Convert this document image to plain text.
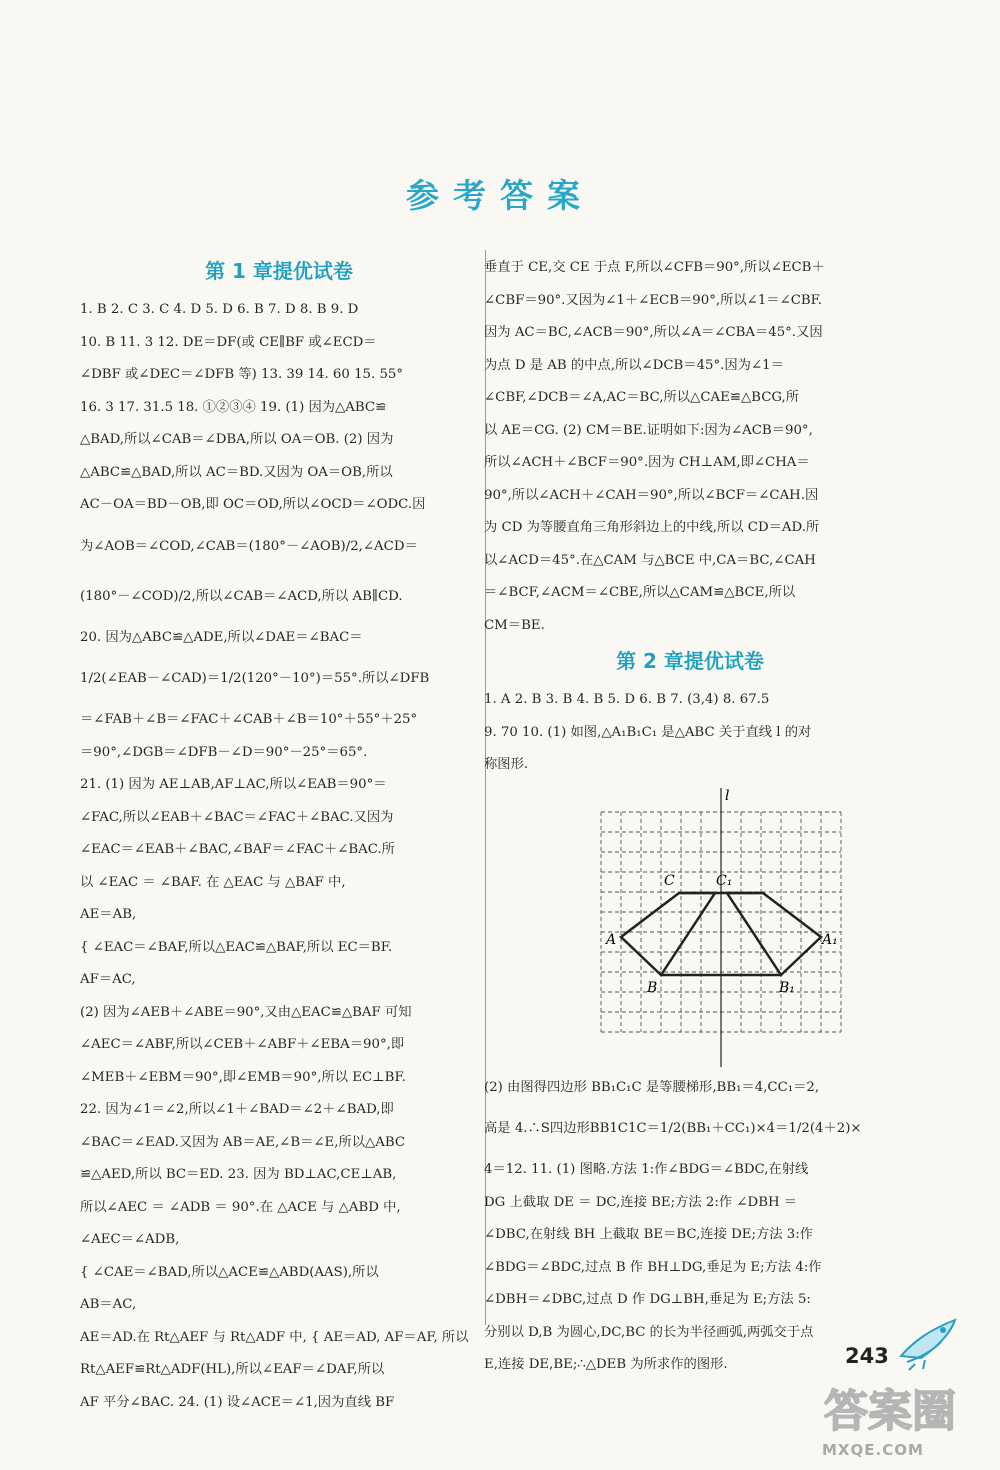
参考答案
第 1 章提优试卷
1. B 2. C 3. C 4. D 5. D 6. B 7. D 8. B 9. D
10. B 11. 3 12. DE＝DF(或 CE∥BF 或∠ECD＝
∠DBF 或∠DEC＝∠DFB 等) 13. 39 14. 60 15. 55°
16. 3 17. 31.5 18. ①②③④ 19. (1) 因为△ABC≌
△BAD,所以∠CAB＝∠DBA,所以 OA＝OB. (2) 因为
△ABC≌△BAD,所以 AC＝BD.又因为 OA＝OB,所以
AC－OA＝BD－OB,即 OC＝OD,所以∠OCD＝∠ODC.因
为∠AOB＝∠COD,∠CAB＝(180°－∠AOB)/2,∠ACD＝
(180°－∠COD)/2,所以∠CAB＝∠ACD,所以 AB∥CD.
20. 因为△ABC≌△ADE,所以∠DAE＝∠BAC＝
1/2(∠EAB－∠CAD)＝1/2(120°－10°)＝55°.所以∠DFB
＝∠FAB＋∠B＝∠FAC＋∠CAB＋∠B＝10°＋55°＋25°
＝90°,∠DGB＝∠DFB－∠D＝90°－25°＝65°.
21. (1) 因为 AE⊥AB,AF⊥AC,所以∠EAB＝90°＝
∠FAC,所以∠EAB＋∠BAC＝∠FAC＋∠BAC.又因为
∠EAC＝∠EAB＋∠BAC,∠BAF＝∠FAC＋∠BAC.所
以 ∠EAC ＝ ∠BAF. 在 △EAC 与 △BAF 中,
AE＝AB,
{ ∠EAC＝∠BAF,所以△EAC≌△BAF,所以 EC＝BF.
AF＝AC,
(2) 因为∠AEB＋∠ABE＝90°,又由△EAC≌△BAF 可知
∠AEC＝∠ABF,所以∠CEB＋∠ABF＋∠EBA＝90°,即
∠MEB＋∠EBM＝90°,即∠EMB＝90°,所以 EC⊥BF.
22. 因为∠1＝∠2,所以∠1＋∠BAD＝∠2＋∠BAD,即
∠BAC＝∠EAD.又因为 AB＝AE,∠B＝∠E,所以△ABC
≌△AED,所以 BC＝ED. 23. 因为 BD⊥AC,CE⊥AB,
所以∠AEC ＝ ∠ADB ＝ 90°.在 △ACE 与 △ABD 中,
∠AEC＝∠ADB,
{ ∠CAE＝∠BAD,所以△ACE≌△ABD(AAS),所以
AB＝AC,
AE＝AD.在 Rt△AEF 与 Rt△ADF 中, { AE＝AD, AF＝AF, 所以
Rt△AEF≌Rt△ADF(HL),所以∠EAF＝∠DAF,所以
AF 平分∠BAC. 24. (1) 设∠ACE＝∠1,因为直线 BF
垂直于 CE,交 CE 于点 F,所以∠CFB＝90°,所以∠ECB＋
∠CBF＝90°.又因为∠1＋∠ECB＝90°,所以∠1＝∠CBF.
因为 AC＝BC,∠ACB＝90°,所以∠A＝∠CBA＝45°.又因
为点 D 是 AB 的中点,所以∠DCB＝45°.因为∠1＝
∠CBF,∠DCB＝∠A,AC＝BC,所以△CAE≌△BCG,所
以 AE＝CG. (2) CM＝BE.证明如下:因为∠ACB＝90°,
所以∠ACH＋∠BCF＝90°.因为 CH⊥AM,即∠CHA＝
90°,所以∠ACH＋∠CAH＝90°,所以∠BCF＝∠CAH.因
为 CD 为等腰直角三角形斜边上的中线,所以 CD＝AD.所
以∠ACD＝45°.在△CAM 与△BCE 中,CA＝BC,∠CAH
＝∠BCF,∠ACM＝∠CBE,所以△CAM≌△BCE,所以
CM＝BE.
第 2 章提优试卷
1. A 2. B 3. B 4. B 5. D 6. B 7. (3,4) 8. 67.5
9. 70 10. (1) 如图,△A₁B₁C₁ 是△ABC 关于直线 l 的对
称图形.
l
C	C₁
A	A₁
B	B₁
(2) 由图得四边形 BB₁C₁C 是等腰梯形,BB₁＝4,CC₁＝2,
高是 4.∴S四边形BB1C1C＝1/2(BB₁＋CC₁)×4＝1/2(4＋2)×
4＝12. 11. (1) 图略.方法 1:作∠BDG＝∠BDC,在射线
DG 上截取 DE ＝ DC,连接 BE;方法 2:作 ∠DBH ＝
∠DBC,在射线 BH 上截取 BE＝BC,连接 DE;方法 3:作
∠BDG＝∠BDC,过点 B 作 BH⊥DG,垂足为 E;方法 4:作
∠DBH＝∠DBC,过点 D 作 DG⊥BH,垂足为 E;方法 5:
分别以 D,B 为圆心,DC,BC 的长为半径画弧,两弧交于点
E,连接 DE,BE;∴△DEB 为所求作的图形.	243
答案圈
MXQE.COM
